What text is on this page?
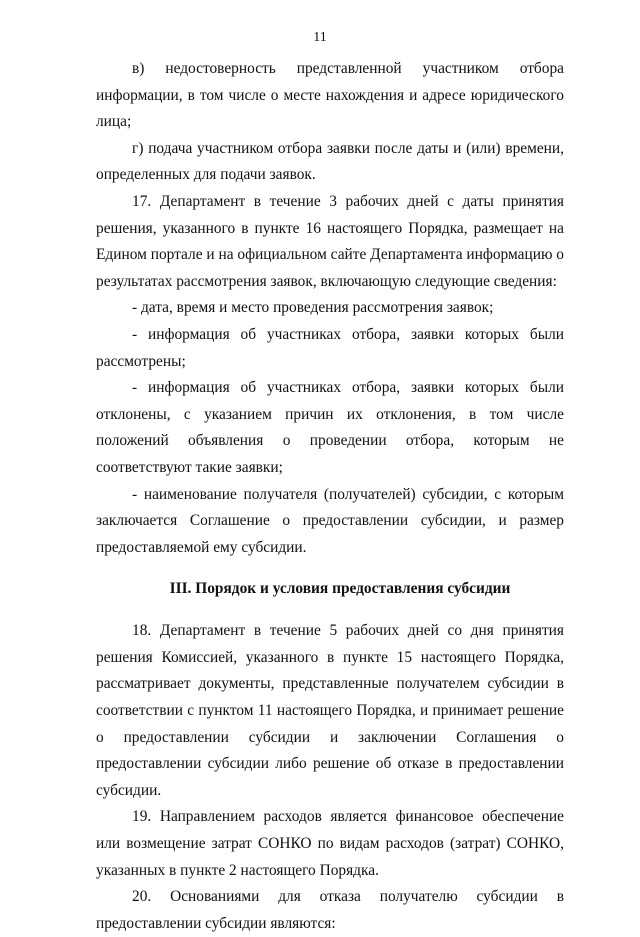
11

в) недостоверность представленной участником отбора информации, в том числе о месте нахождения и адресе юридического лица;

г) подача участником отбора заявки после даты и (или) времени, определенных для подачи заявок.

17. Департамент в течение 3 рабочих дней с даты принятия решения, указанного в пункте 16 настоящего Порядка, размещает на Едином портале и на официальном сайте Департамента информацию о результатах рассмотрения заявок, включающую следующие сведения:

- дата, время и место проведения рассмотрения заявок;

- информация об участниках отбора, заявки которых были рассмотрены;

- информация об участниках отбора, заявки которых были отклонены, с указанием причин их отклонения, в том числе положений объявления о проведении отбора, которым не соответствуют такие заявки;

- наименование получателя (получателей) субсидии, с которым заключается Соглашение о предоставлении субсидии, и размер предоставляемой ему субсидии.

III. Порядок и условия предоставления субсидии

18. Департамент в течение 5 рабочих дней со дня принятия решения Комиссией, указанного в пункте 15 настоящего Порядка, рассматривает документы, представленные получателем субсидии в соответствии с пунктом 11 настоящего Порядка, и принимает решение о предоставлении субсидии и заключении Соглашения о предоставлении субсидии либо решение об отказе в предоставлении субсидии.

19. Направлением расходов является финансовое обеспечение или возмещение затрат СОНКО по видам расходов (затрат) СОНКО, указанных в пункте 2 настоящего Порядка.

20. Основаниями для отказа получателю субсидии в предоставлении субсидии являются:
